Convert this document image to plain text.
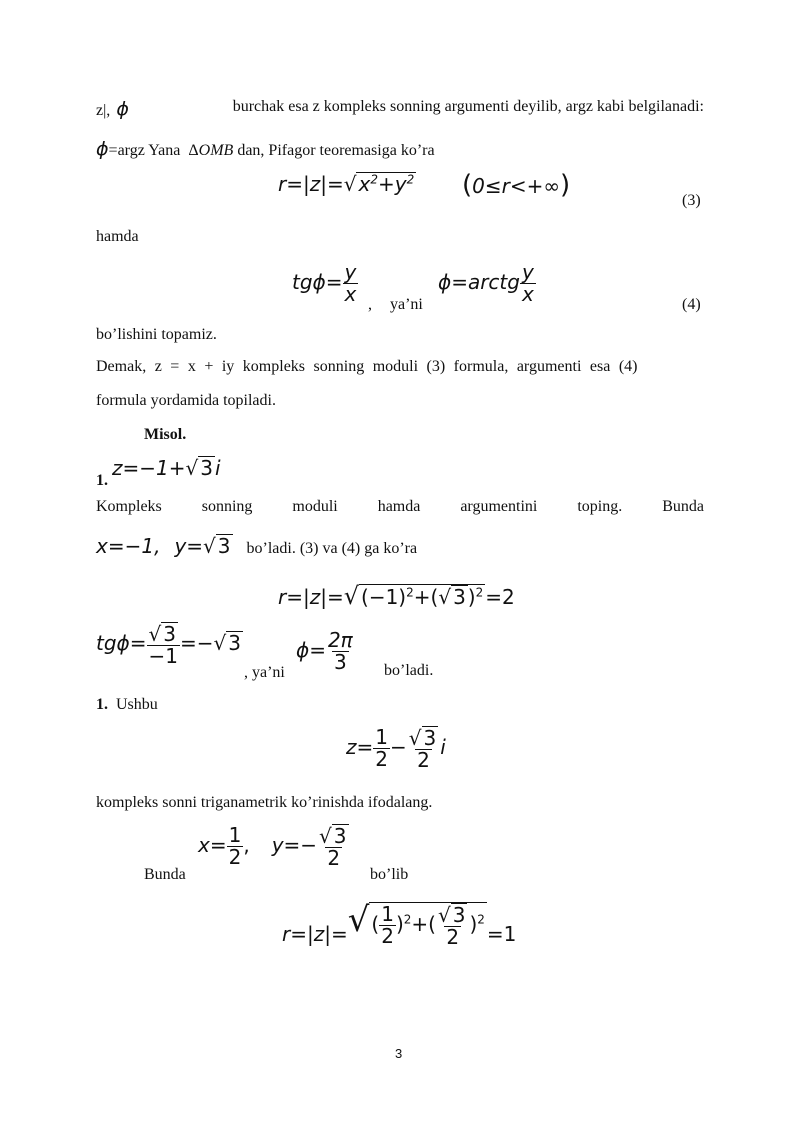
z|, ϕ	burchak esa z kompleks sonning argumenti deyilib, argz kabi belgilanadi:
ϕ=argz Yana ΔOMB dan, Pifagor teoremasiga ko’ra
r=|z|=√ $x^2+y^2$ (0≤r<+∞)
(3)
hamda
$tg\phi= \frac{y}{x}$ , ya’ni
ϕ=arctg $\frac{y}{x}$	(4)
bo’lishini topamiz.
Demak, z = x + iy kompleks sonning moduli (3) formula, argumenti esa (4)
formula yordamida topiladi.
Misol.
1. z=−1+√ 3 i
Kompleks sonning moduli hamda argumentini toping. Bunda
x=−1, y=√ 3 bo’ladi. (3) va (4) ga ko’ra
r=|z|=√ $(-1)^2+(√$ 3 )$^2$ =2
$tg\phi= \frac{√ 3}{-1}$ =−√ 3
, ya’ni
$\phi= \frac{2\pi}{3}$ bo’ladi.
1. Ushbu
$z= \frac{1}{2} - \frac{√ 3}{2}$ i
kompleks sonni triganametrik ko’rinishda ifodalang.
Bunda
$x= \frac{1}{2}$ , $y=- \frac{√ 3}{2}$
bo’lib
r=|z|=√ ( $\frac{1}{2} )^2+( \frac{√ 3}{2} )^2=1$
3
